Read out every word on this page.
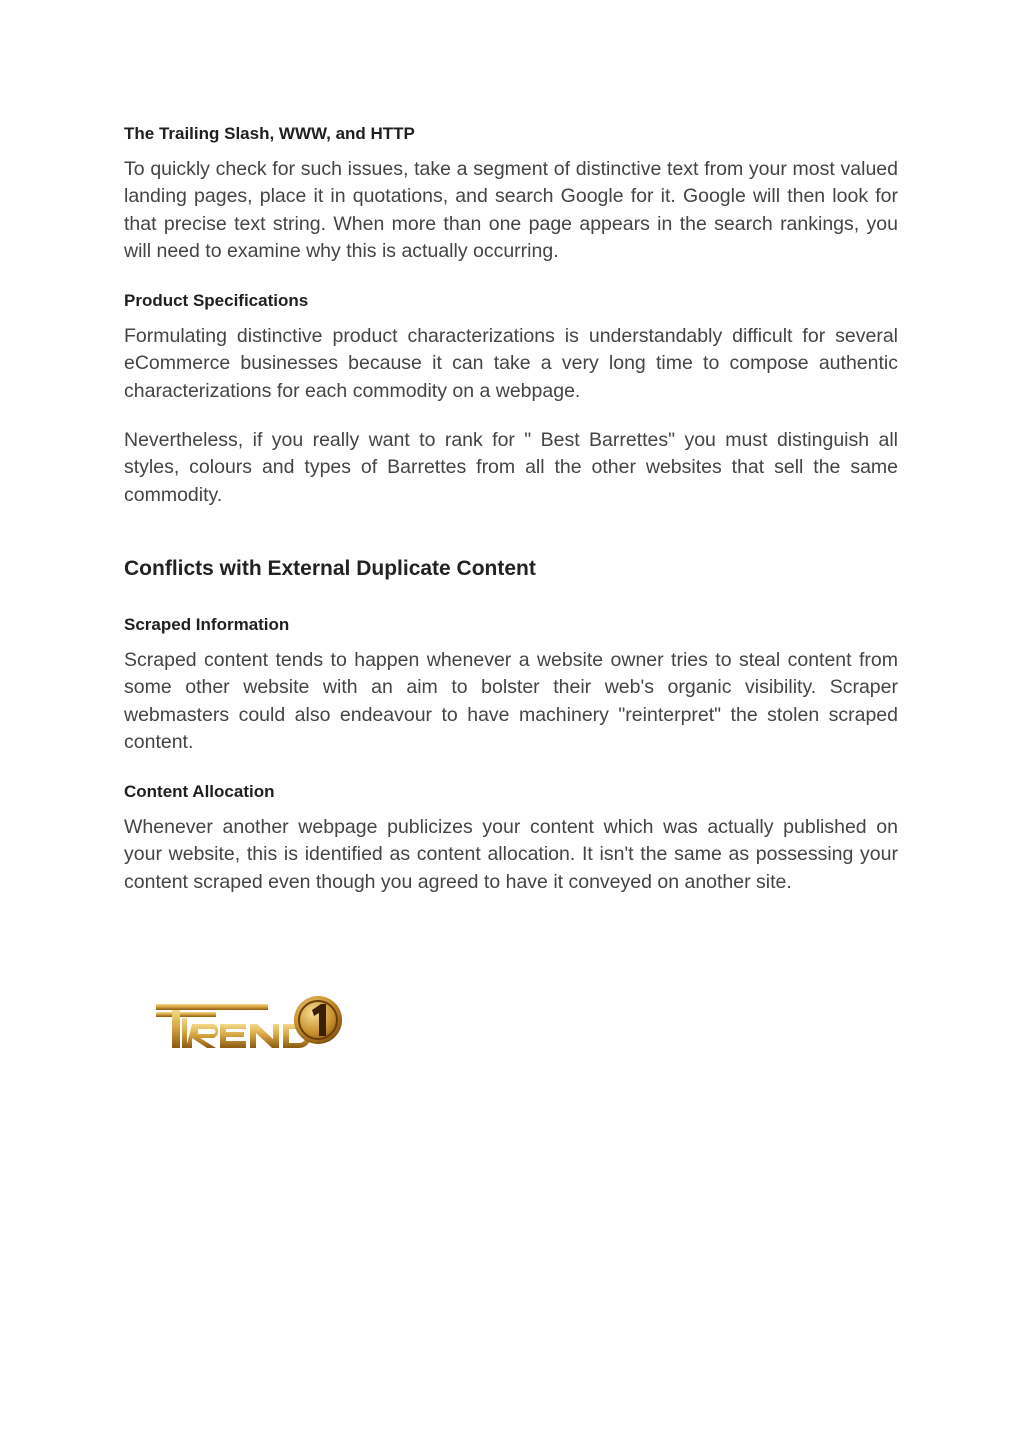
The Trailing Slash, WWW, and HTTP

To quickly check for such issues, take a segment of distinctive text from your most valued landing pages, place it in quotations, and search Google for it. Google will then look for that precise text string. When more than one page appears in the search rankings, you will need to examine why this is actually occurring.

Product Specifications

Formulating distinctive product characterizations is understandably difficult for several eCommerce businesses because it can take a very long time to compose authentic characterizations for each commodity on a webpage.

Nevertheless, if you really want to rank for " Best Barrettes" you must distinguish all styles, colours and types of Barrettes from all the other websites that sell the same commodity.

Conflicts with External Duplicate Content
Scraped Information

Scraped content tends to happen whenever a website owner tries to steal content from some other website with an aim to bolster their web's organic visibility. Scraper webmasters could also endeavour to have machinery "reinterpret" the stolen scraped content.

Content Allocation

Whenever another webpage publicizes your content which was actually published on your website, this is identified as content allocation. It isn't the same as possessing your content scraped even though you agreed to have it conveyed on another site.
